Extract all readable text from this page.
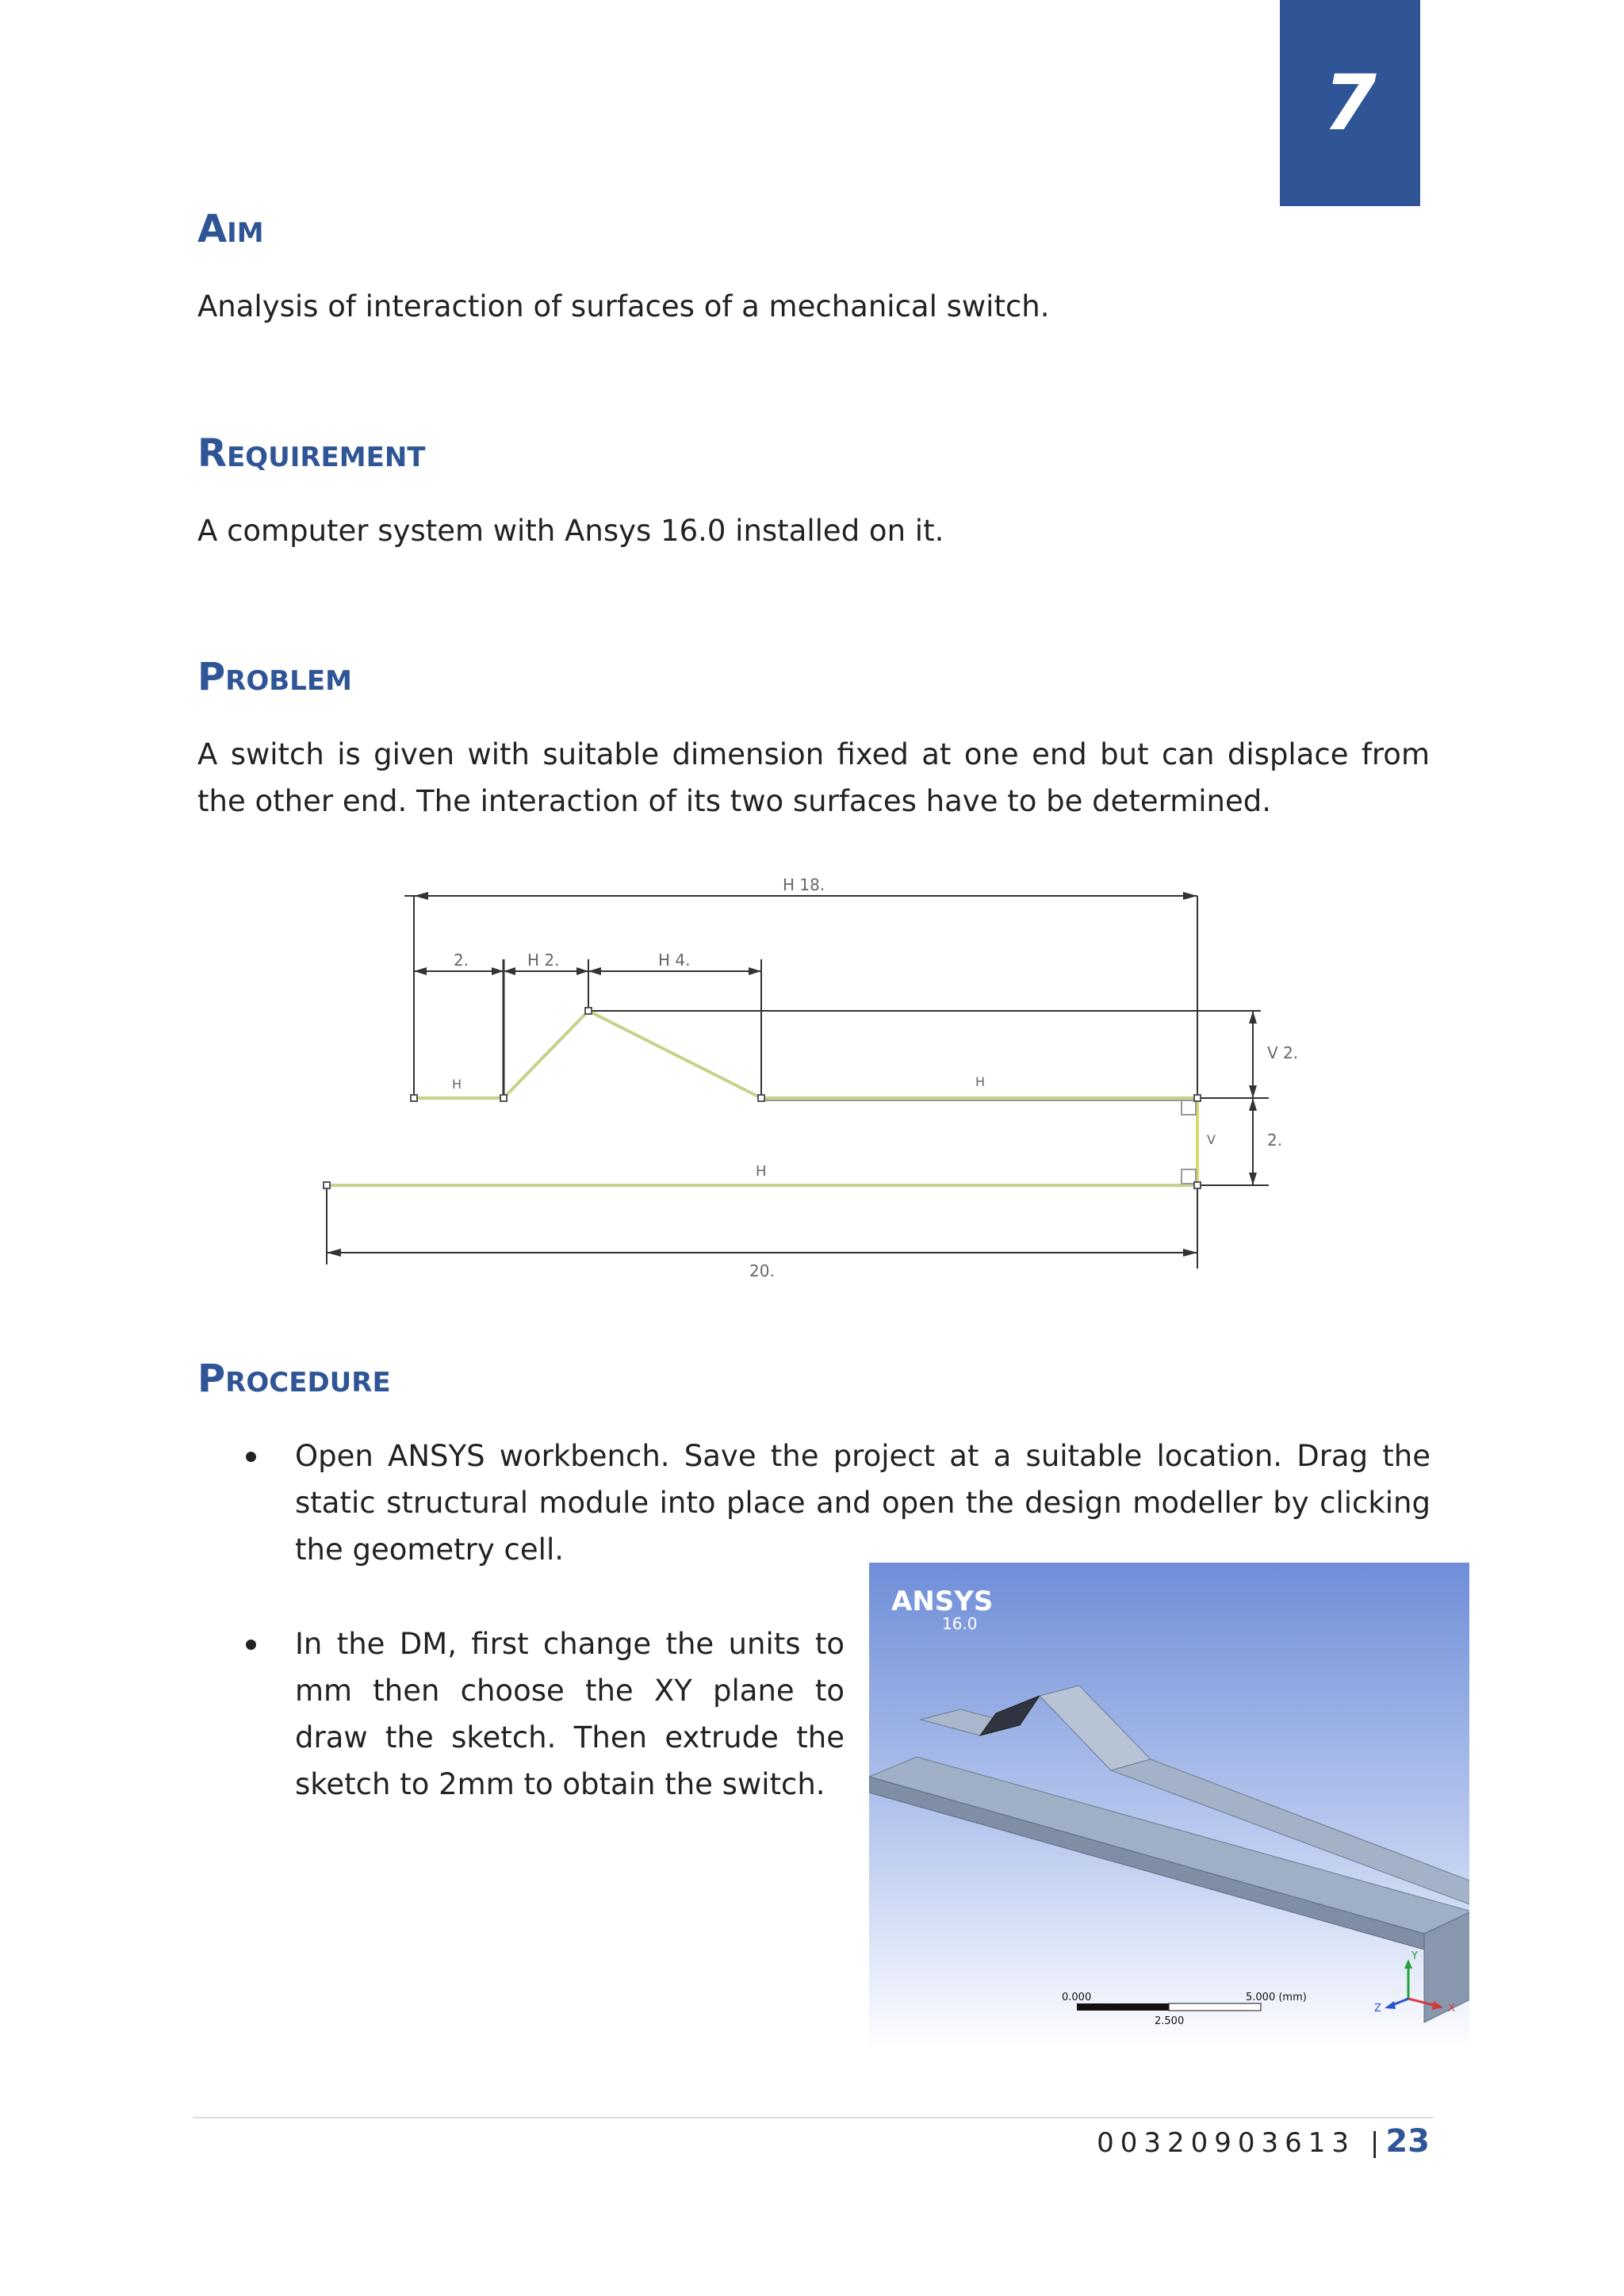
7
Aim

Analysis of interaction of surfaces of a mechanical switch.

Requirement

A computer system with Ansys 16.0 installed on it.

Problem

A switch is given with suitable dimension fixed at one end but can displace from the other end. The interaction of its two surfaces have to be determined.

H 18.
2.	H 2.	H 4.
V 2.
2.
20.
H
H
V
H
Procedure
Open ANSYS workbench. Save the project at a suitable location. Drag the static structural module into place and open the design modeller by clicking the geometry cell.
In the DM, first change the units to mm then choose the XY plane to draw the sketch. Then extrude the sketch to 2mm to obtain the switch.
ANSYS
16.0
0.000
2.500
5.000 (mm)
X
Y
Z
00320903613 |23
